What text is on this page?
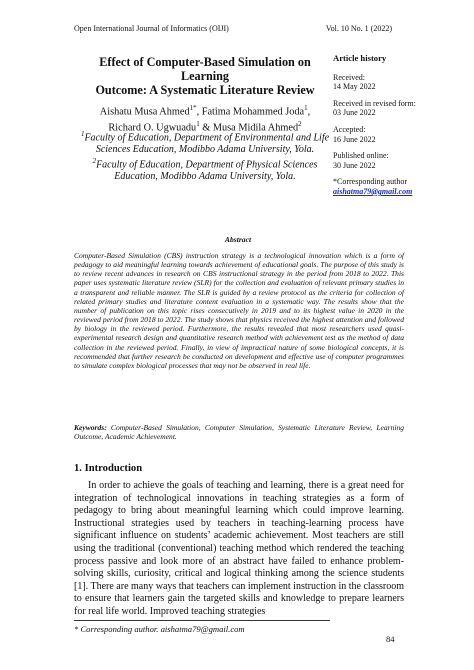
Open International Journal of Informatics (OIJI)	Vol. 10 No. 1 (2022)
Effect of Computer-Based Simulation on Learning
Outcome: A Systematic Literature Review
Aishatu Musa Ahmed$^{1*}$, Fatima Mohammed Joda$^1$,
Richard O. Ugwuadu$^1$ & Musa Midila Ahmed$^2$
$^1$Faculty of Education, Department of Environmental and Life Sciences Education, Modibbo Adama University, Yola.
$^2$Faculty of Education, Department of Physical Sciences Education, Modibbo Adama University, Yola.
Article history
Received:
14 May 2022
Received in revised form:
03 June 2022
Accepted:
16 June 2022
Published online:
30 June 2022
*Corresponding author
aishatma79@gmail.com
Abstract
Computer-Based Simulation (CBS) instruction strategy is a technological innovation which is a form of pedagogy to aid meaningful learning towards achievement of educational goals. The purpose of this study is to review recent advances in research on CBS instructional strategy in the period from 2018 to 2022. This paper uses systematic literature review (SLR) for the collection and evaluation of relevant primary studies in a transparent and reliable manner. The SLR is guided by a review protocol as the criteria for collection of related primary studies and literature content evaluation in a systematic way. The results show that the number of publication on this topic rises consecutively in 2019 and to its highest value in 2020 in the reviewed period from 2018 to 2022. The study shows that physics received the highest attention and followed by biology in the reviewed period. Furthermore, the results revealed that most researchers used quasi-experimental research design and quantitative research method with achievement test as the method of data collection in the reviewed period. Finally, in view of impractical nature of some biological concepts, it is recommended that further research be conducted on development and effective use of computer programmes to simulate complex biological processes that may not be observed in real life.
Keywords: Computer-Based Simulation, Computer Simulation, Systematic Literature Review, Learning Outcome, Academic Achievement.
1. Introduction
In order to achieve the goals of teaching and learning, there is a great need for integration of technological innovations in teaching strategies as a form of pedagogy to bring about meaningful learning which could improve learning. Instructional strategies used by teachers in teaching-learning process have significant influence on students’ academic achievement. Most teachers are still using the traditional (conventional) teaching method which rendered the teaching process passive and look more of an abstract have failed to enhance problem-solving skills, curiosity, critical and logical thinking among the science students [1]. There are many ways that teachers can implement instruction in the classroom to ensure that learners gain the targeted skills and knowledge to prepare learners for real life world. Improved teaching strategies
* Corresponding author. aishatma79@gmail.com
84
